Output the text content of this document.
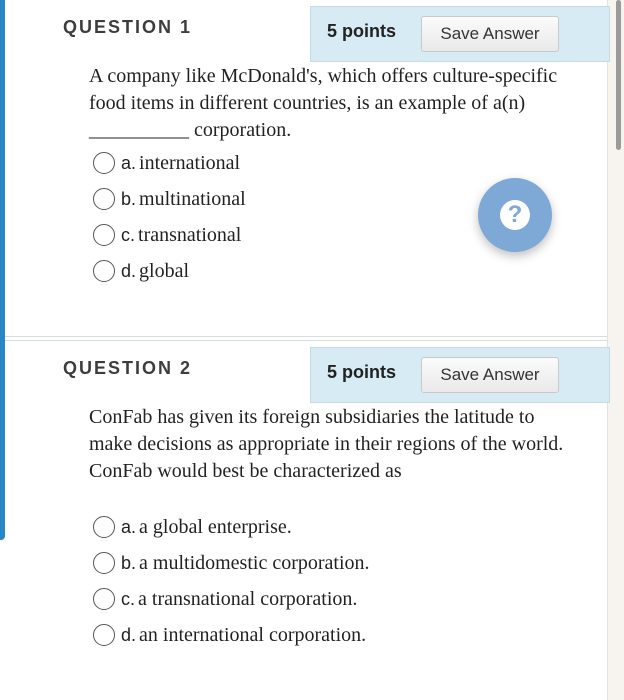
QUESTION 1	5 points	Save Answer

A company like McDonald's, which offers culture-specific food items in different countries, is an example of a(n) __________ corporation.

a. international
b. multinational
c. transnational
d. global
?
QUESTION 2	5 points	Save Answer

ConFab has given its foreign subsidiaries the latitude to make decisions as appropriate in their regions of the world. ConFab would best be characterized as

a. a global enterprise.
b. a multidomestic corporation.
c. a transnational corporation.
d. an international corporation.
